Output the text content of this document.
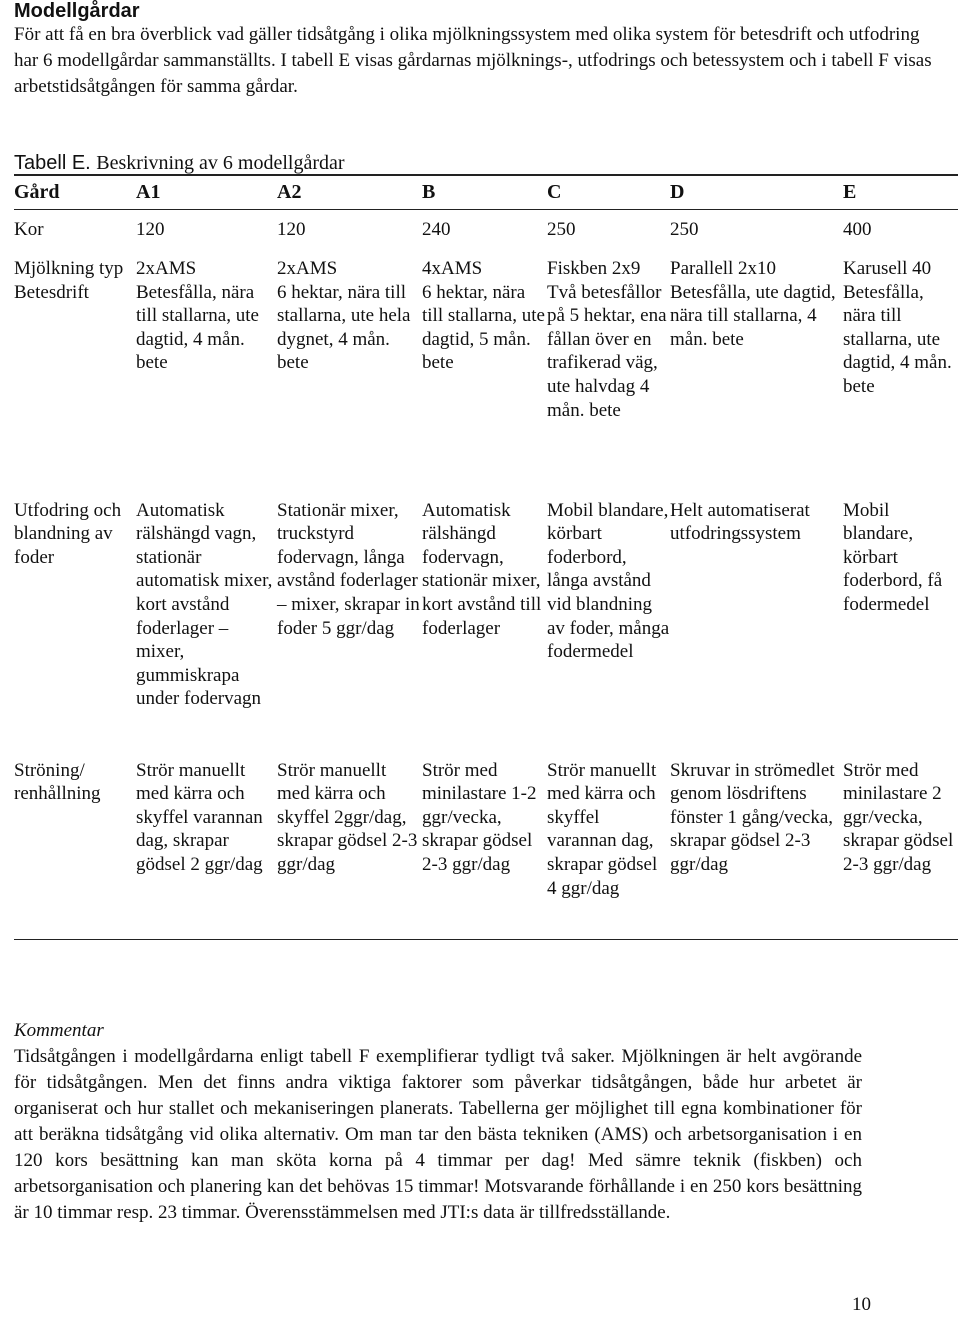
Modellgårdar

För att få en bra överblick vad gäller tidsåtgång i olika mjölkningssystem med olika system för betesdrift och utfodring har 6 modellgårdar sammanställts. I tabell E visas gårdarnas mjölknings-, utfodrings och betessystem och i tabell F visas arbetstidsåtgången för samma gårdar.

Tabell E. Beskrivning av 6 modellgårdar
Gård	A1	A2	B	C	D	E
Kor	120	120	240	250	250	400
Mjölkning typ	2xAMS	2xAMS	4xAMS	Fiskben 2x9	Parallell 2x10	Karusell 40
Betesdrift	Betesfålla, nära till stallarna, ute dagtid, 4 mån. bete	6 hektar, nära till stallarna, ute hela dygnet, 4 mån. bete	6 hektar, nära till stallarna, ute dagtid, 5 mån. bete	Två betesfållor på 5 hektar, ena fållan över en trafikerad väg, ute halvdag 4 mån. bete	Betesfålla, ute dagtid, nära till stallarna, 4 mån. bete	Betesfålla, nära till stallarna, ute dagtid, 4 mån. bete
Utfodring och blandning av foder	Automatisk rälshängd vagn, stationär automatisk mixer, kort avstånd foderlager – mixer, gummiskrapa under fodervagn	Stationär mixer, truckstyrd fodervagn, långa avstånd foderlager – mixer, skrapar in foder 5 ggr/dag	Automatisk rälshängd fodervagn, stationär mixer, kort avstånd till foderlager	Mobil blandare, körbart foderbord, långa avstånd vid blandning av foder, många fodermedel	Helt automatiserat utfodringssystem	Mobil blandare, körbart foderbord, få fodermedel
Ströning/ renhållning	Strör manuellt med kärra och skyffel varannan dag, skrapar gödsel 2 ggr/dag	Strör manuellt med kärra och skyffel 2ggr/dag, skrapar gödsel 2-3 ggr/dag	Strör med minilastare 1-2 ggr/vecka, skrapar gödsel 2-3 ggr/dag	Strör manuellt med kärra och skyffel varannan dag, skrapar gödsel 4 ggr/dag	Skruvar in strömedlet genom lösdriftens fönster 1 gång/vecka, skrapar gödsel 2-3 ggr/dag	Strör med minilastare 2 ggr/vecka, skrapar gödsel 2-3 ggr/dag
Kommentar

Tidsåtgången i modellgårdarna enligt tabell F exemplifierar tydligt två saker. Mjölkningen är helt avgörande för tidsåtgången. Men det finns andra viktiga faktorer som påverkar tidsåtgången, både hur arbetet är organiserat och hur stallet och mekaniseringen planerats. Tabellerna ger möjlighet till egna kombinationer för att beräkna tidsåtgång vid olika alternativ. Om man tar den bästa tekniken (AMS) och arbetsorganisation i en 120 kors besättning kan man sköta korna på 4 timmar per dag! Med sämre teknik (fiskben) och arbetsorganisation och planering kan det behövas 15 timmar! Motsvarande förhållande i en 250 kors besättning är 10 timmar resp. 23 timmar. Överensstämmelsen med JTI:s data är tillfredsställande.

10
